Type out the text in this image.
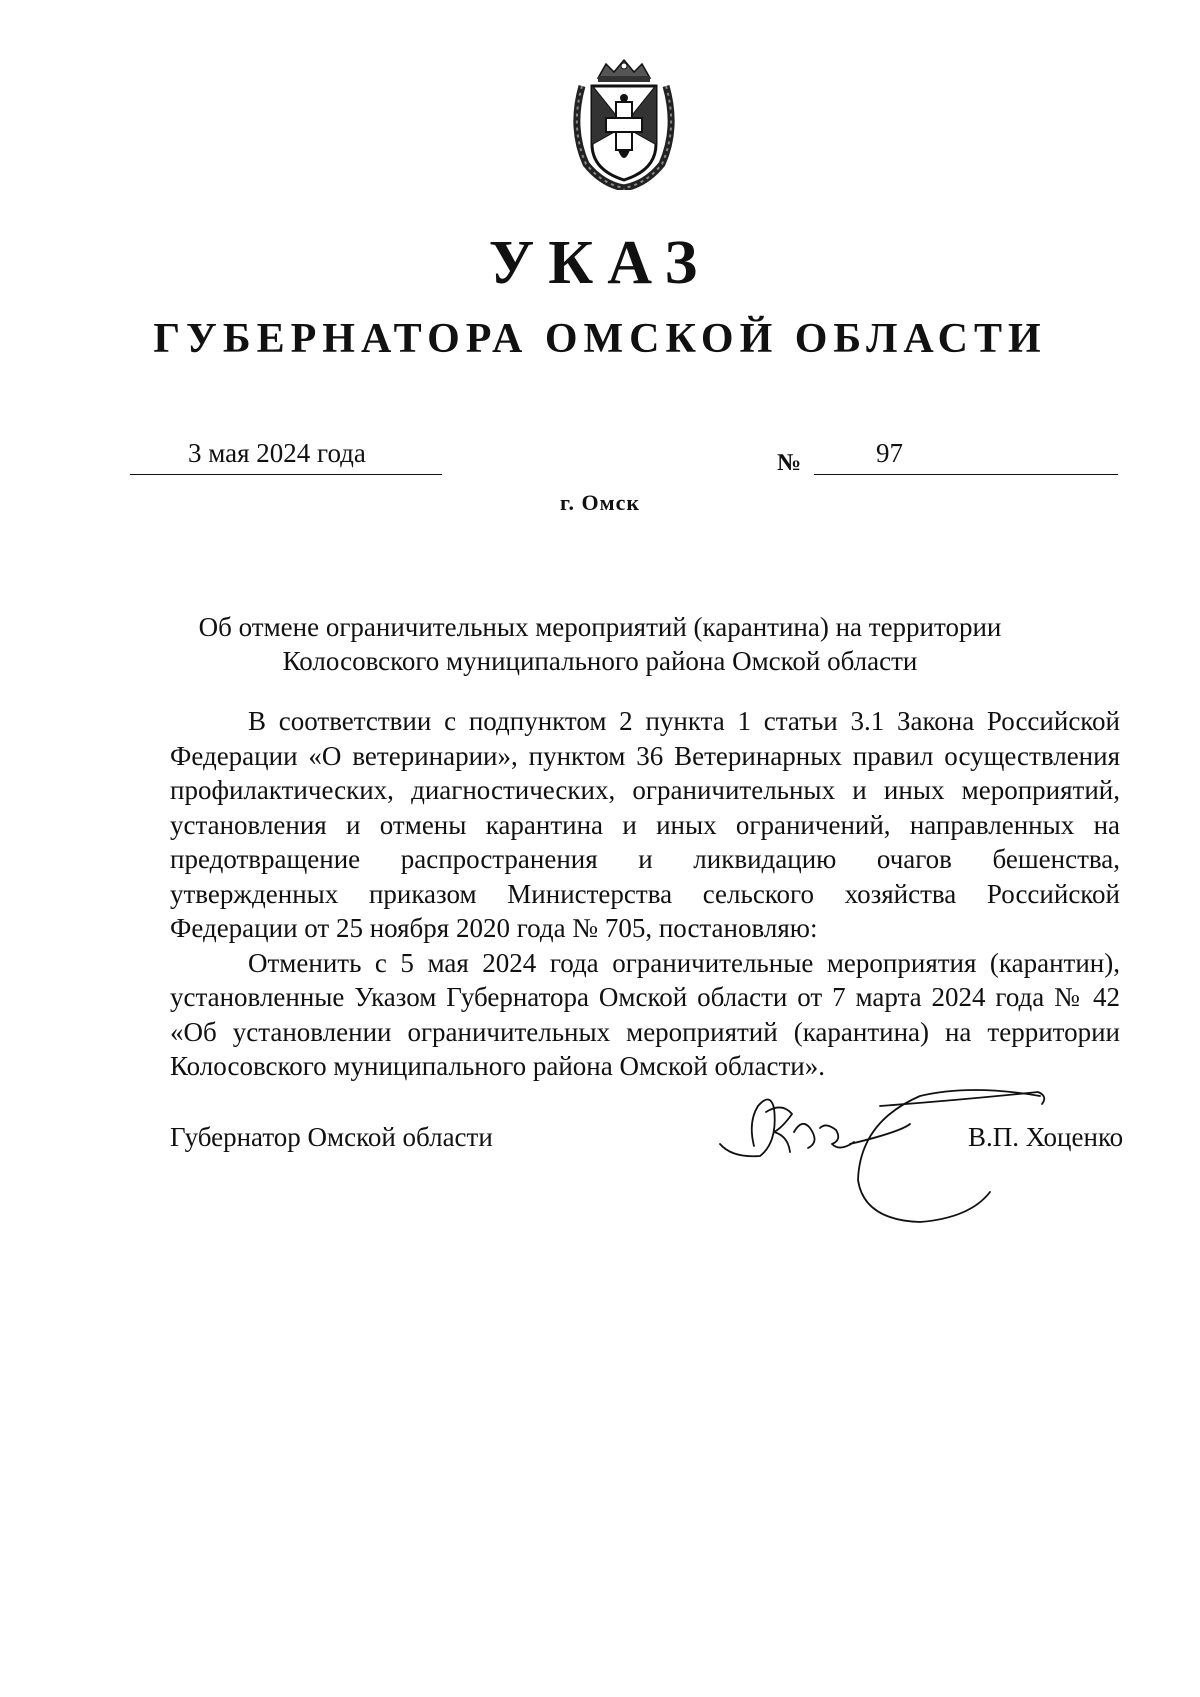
УКАЗ
ГУБЕРНАТОРА ОМСКОЙ ОБЛАСТИ
3 мая 2024 года	№	97
г. Омск
Об отмене ограничительных мероприятий (карантина) на территории
Колосовского муниципального района Омской области

В соответствии с подпунктом 2 пункта 1 статьи 3.1 Закона Российской Федерации «О ветеринарии», пунктом 36 Ветеринарных правил осуществления профилактических, диагностических, ограничительных и иных мероприятий, установления и отмены карантина и иных ограничений, направленных на предотвращение распространения и ликвидацию очагов бешенства, утвержденных приказом Министерства сельского хозяйства Российской Федерации от 25 ноября 2020 года № 705, постановляю:

Отменить с 5 мая 2024 года ограничительные мероприятия (карантин), установленные Указом Губернатора Омской области от 7 марта 2024 года № 42 «Об установлении ограничительных мероприятий (карантина) на территории Колосовского муниципального района Омской области».

Губернатор Омской области	В.П. Хоценко
